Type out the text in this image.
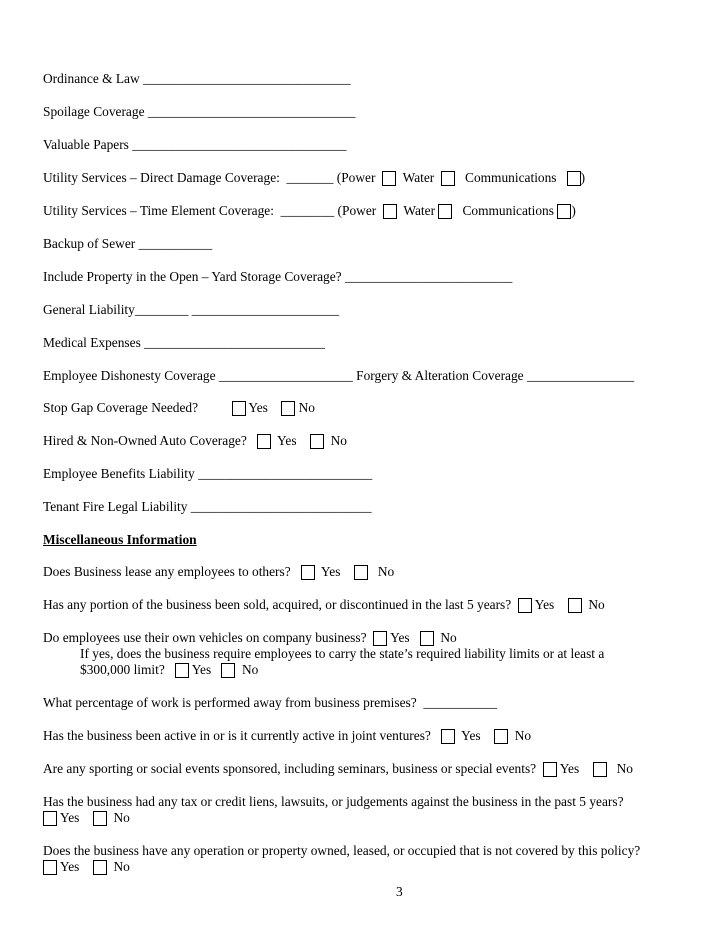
Ordinance & Law _______________________________
Spoilage Coverage _______________________________
Valuable Papers ________________________________
Utility Services – Direct Damage Coverage:  _______ (Power Water Communications )
Utility Services – Time Element Coverage:  ________ (Power Water Communications )
Backup of Sewer ___________
Include Property in the Open – Yard Storage Coverage? _________________________
General Liability________ ______________________
Medical Expenses ___________________________
Employee Dishonesty Coverage ____________________ Forgery & Alteration Coverage ________________
Stop Gap Coverage Needed?	Yes No
Hired & Non-Owned Auto Coverage? Yes	No
Employee Benefits Liability __________________________
Tenant Fire Legal Liability ___________________________
Miscellaneous Information
Does Business lease any employees to others? Yes	No
Has any portion of the business been sold, acquired, or discontinued in the last 5 years? Yes	No
Do employees use their own vehicles on company business? Yes No
If yes, does the business require employees to carry the state’s required liability limits or at least a
$300,000 limit? Yes No
What percentage of work is performed away from business premises?  ___________
Has the business been active in or is it currently active in joint ventures? Yes	No
Are any sporting or social events sponsored, including seminars, business or special events? Yes	No
Has the business had any tax or credit liens, lawsuits, or judgements against the business in the past 5 years?
Yes	No
Does the business have any operation or property owned, leased, or occupied that is not covered by this policy?
Yes	No
3
